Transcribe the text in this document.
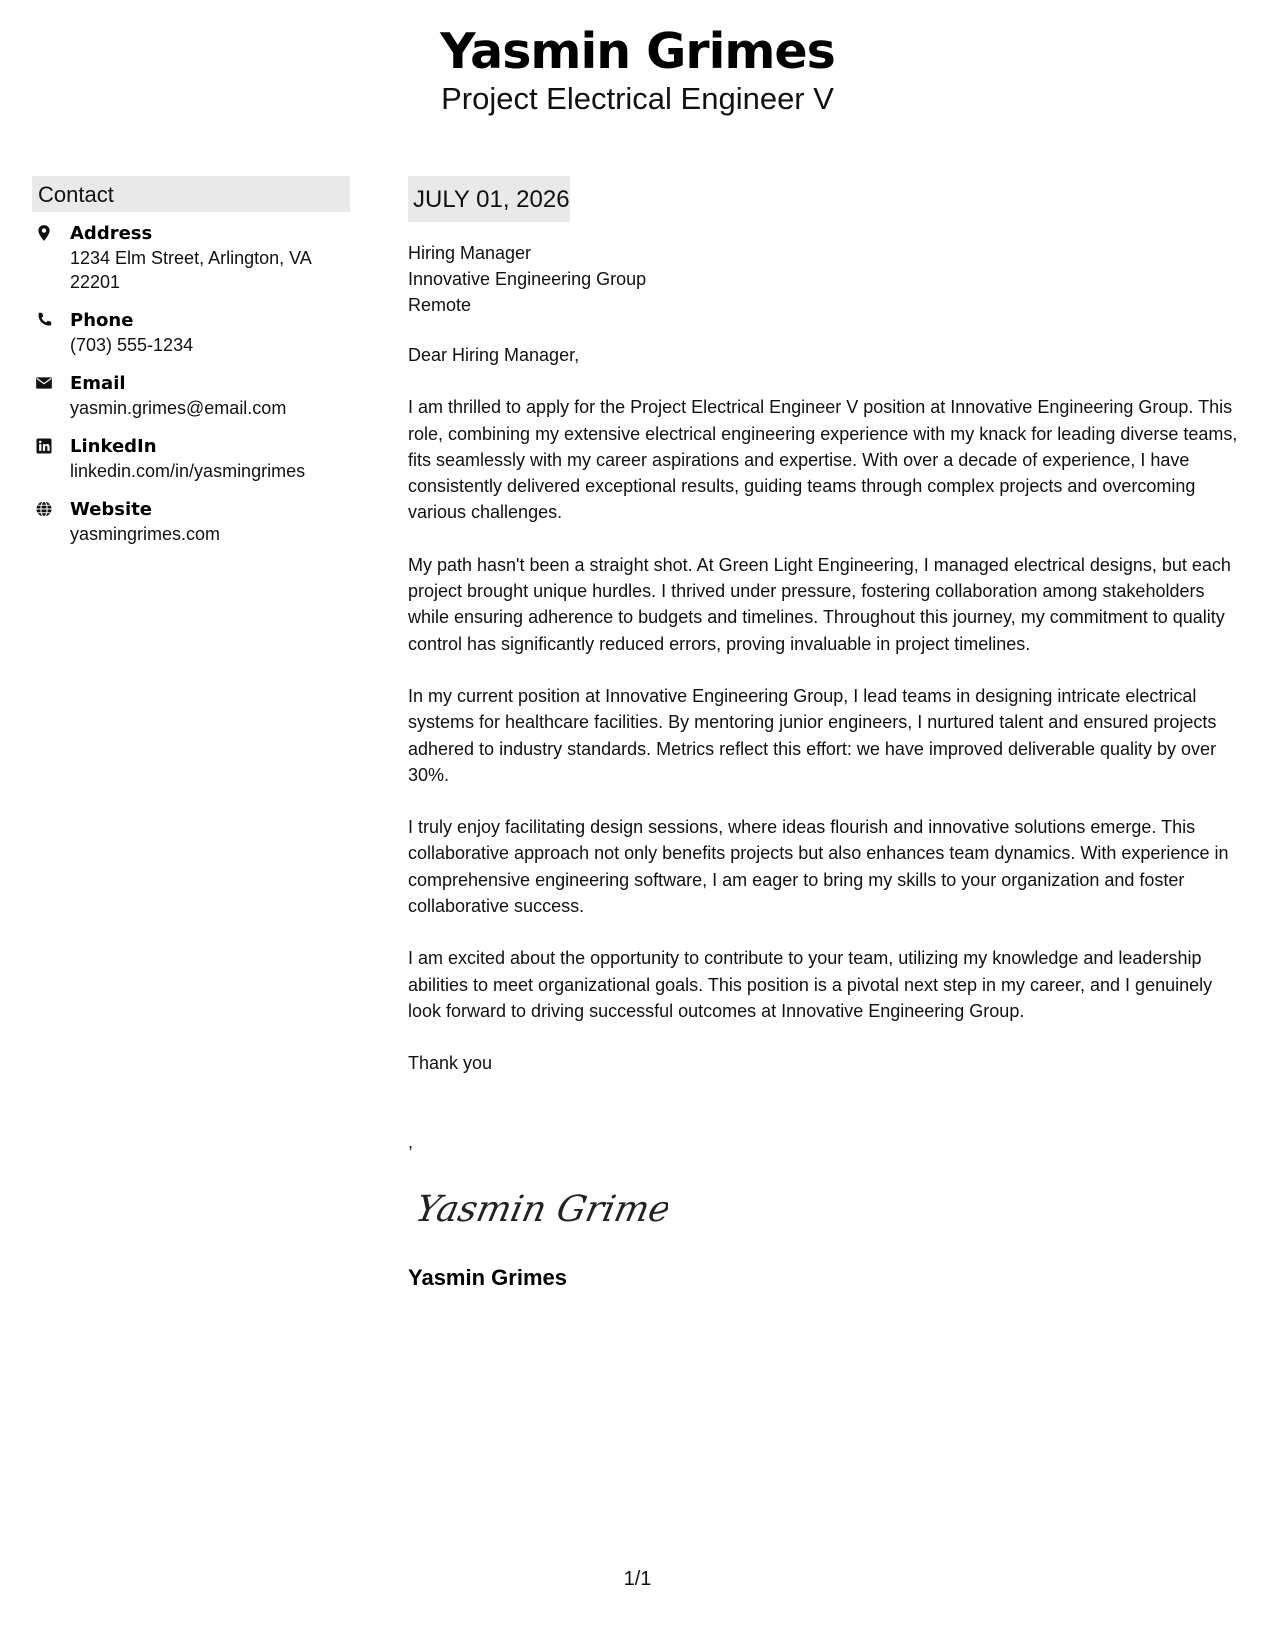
Yasmin Grimes
Project Electrical Engineer V
Contact
Address
1234 Elm Street, Arlington, VA 22201
Phone
(703) 555-1234
Email
yasmin.grimes@email.com
LinkedIn
linkedin.com/in/yasmingrimes
Website
yasmingrimes.com
JULY 01, 2026
Hiring Manager
Innovative Engineering Group
Remote
Dear Hiring Manager,
I am thrilled to apply for the Project Electrical Engineer V position at Innovative Engineering Group. This role, combining my extensive electrical engineering experience with my knack for leading diverse teams, fits seamlessly with my career aspirations and expertise. With over a decade of experience, I have consistently delivered exceptional results, guiding teams through complex projects and overcoming various challenges.
My path hasn't been a straight shot. At Green Light Engineering, I managed electrical designs, but each project brought unique hurdles. I thrived under pressure, fostering collaboration among stakeholders while ensuring adherence to budgets and timelines. Throughout this journey, my commitment to quality control has significantly reduced errors, proving invaluable in project timelines.
In my current position at Innovative Engineering Group, I lead teams in designing intricate electrical systems for healthcare facilities. By mentoring junior engineers, I nurtured talent and ensured projects adhered to industry standards. Metrics reflect this effort: we have improved deliverable quality by over 30%.
I truly enjoy facilitating design sessions, where ideas flourish and innovative solutions emerge. This collaborative approach not only benefits projects but also enhances team dynamics. With experience in comprehensive engineering software, I am eager to bring my skills to your organization and foster collaborative success.
I am excited about the opportunity to contribute to your team, utilizing my knowledge and leadership abilities to meet organizational goals. This position is a pivotal next step in my career, and I genuinely look forward to driving successful outcomes at Innovative Engineering Group.
Thank you
,
Yasmin Grimes
Yasmin Grimes
1/1
